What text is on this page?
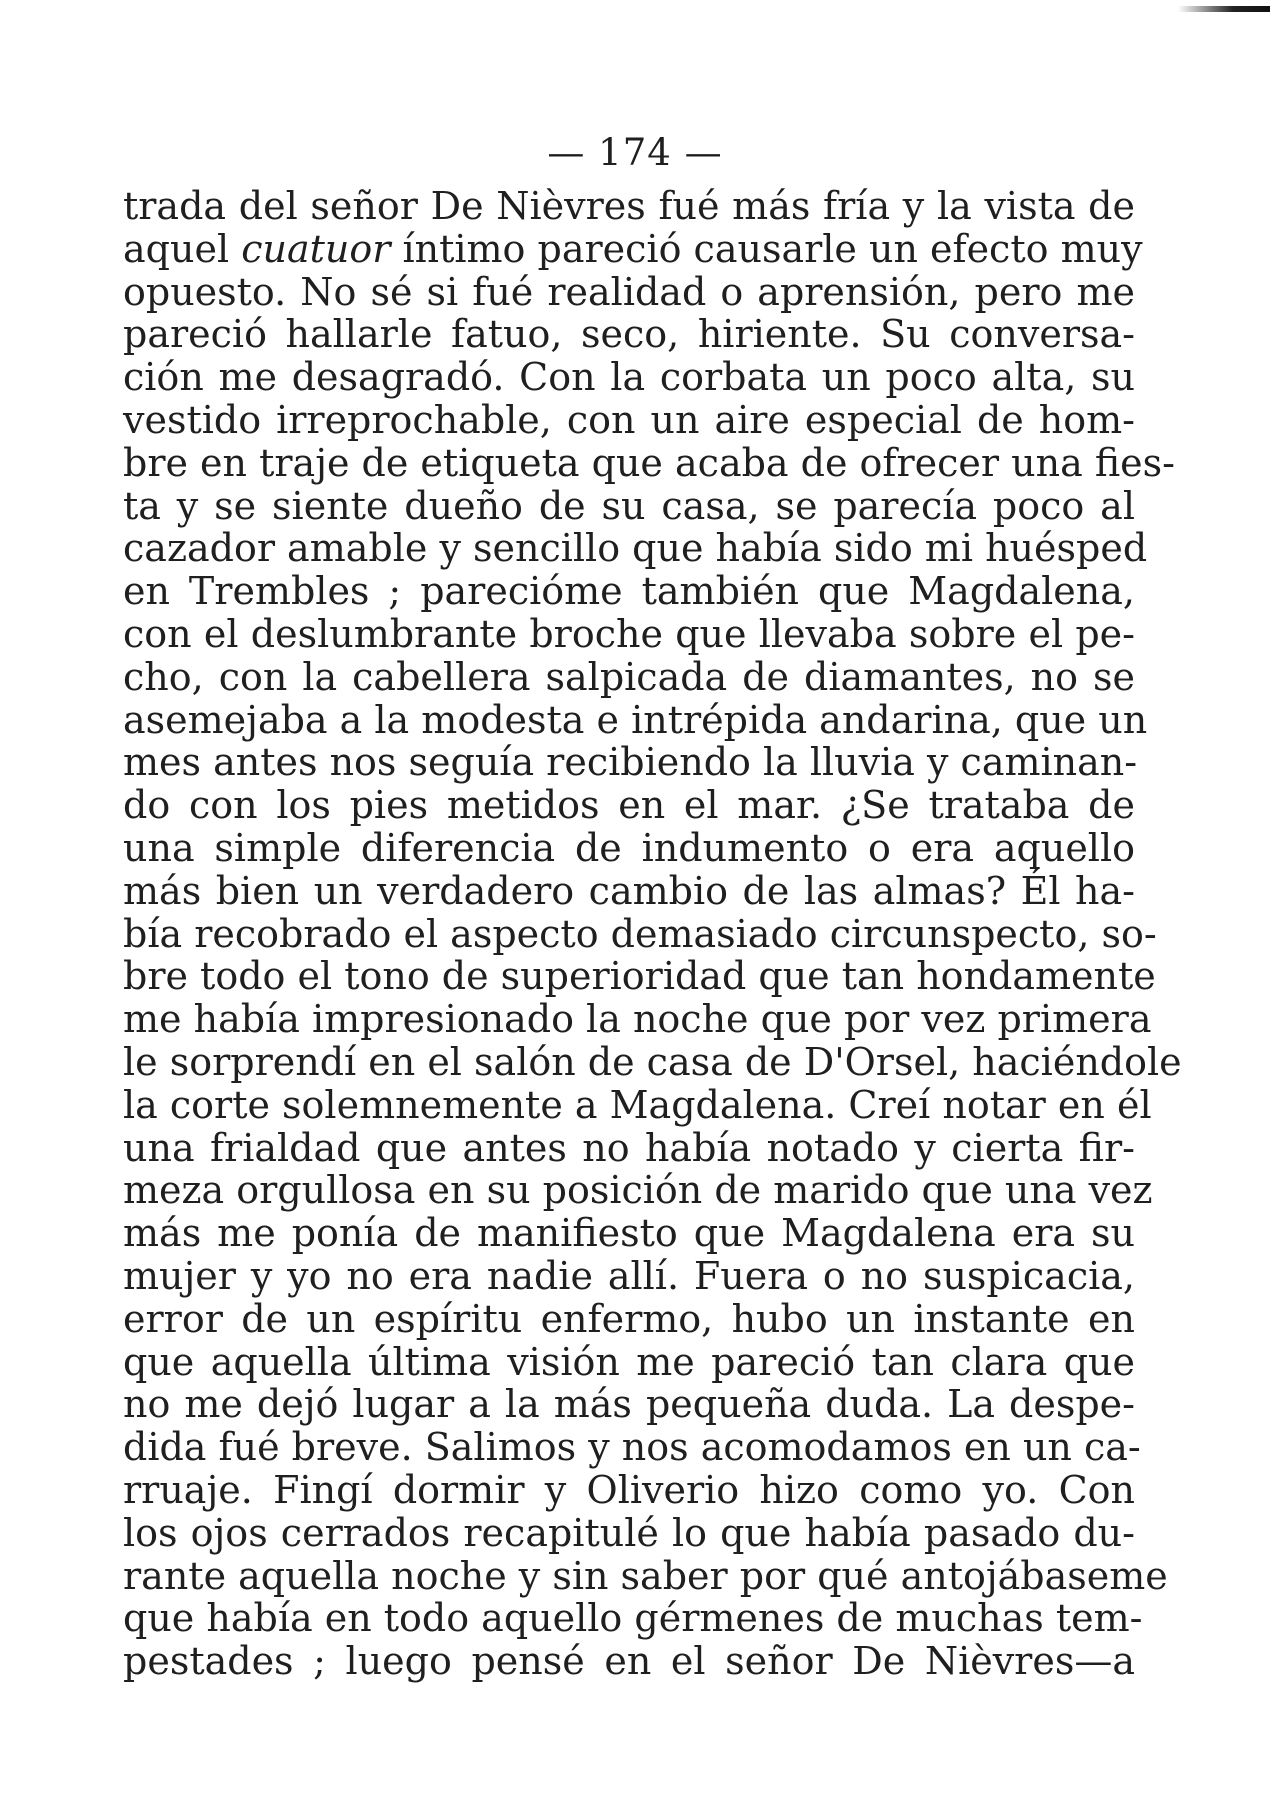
— 174 —
trada del señor De Nièvres fué más fría y la vista de
aquel cuatuor íntimo pareció causarle un efecto muy
opuesto. No sé si fué realidad o aprensión, pero me
pareció hallarle fatuo, seco, hiriente. Su conversa-
ción me desagradó. Con la corbata un poco alta, su
vestido irreprochable, con un aire especial de hom-
bre en traje de etiqueta que acaba de ofrecer una fies-
ta y se siente dueño de su casa, se parecía poco al
cazador amable y sencillo que había sido mi huésped
en Trembles ; parecióme también que Magdalena,
con el deslumbrante broche que llevaba sobre el pe-
cho, con la cabellera salpicada de diamantes, no se
asemejaba a la modesta e intrépida andarina, que un
mes antes nos seguía recibiendo la lluvia y caminan-
do con los pies metidos en el mar. ¿Se trataba de
una simple diferencia de indumento o era aquello
más bien un verdadero cambio de las almas? Él ha-
bía recobrado el aspecto demasiado circunspecto, so-
bre todo el tono de superioridad que tan hondamente
me había impresionado la noche que por vez primera
le sorprendí en el salón de casa de D'Orsel, haciéndole
la corte solemnemente a Magdalena. Creí notar en él
una frialdad que antes no había notado y cierta fir-
meza orgullosa en su posición de marido que una vez
más me ponía de manifiesto que Magdalena era su
mujer y yo no era nadie allí. Fuera o no suspicacia,
error de un espíritu enfermo, hubo un instante en
que aquella última visión me pareció tan clara que
no me dejó lugar a la más pequeña duda. La despe-
dida fué breve. Salimos y nos acomodamos en un ca-
rruaje. Fingí dormir y Oliverio hizo como yo. Con
los ojos cerrados recapitulé lo que había pasado du-
rante aquella noche y sin saber por qué antojábaseme
que había en todo aquello gérmenes de muchas tem-
pestades ; luego pensé en el señor De Nièvres—a
